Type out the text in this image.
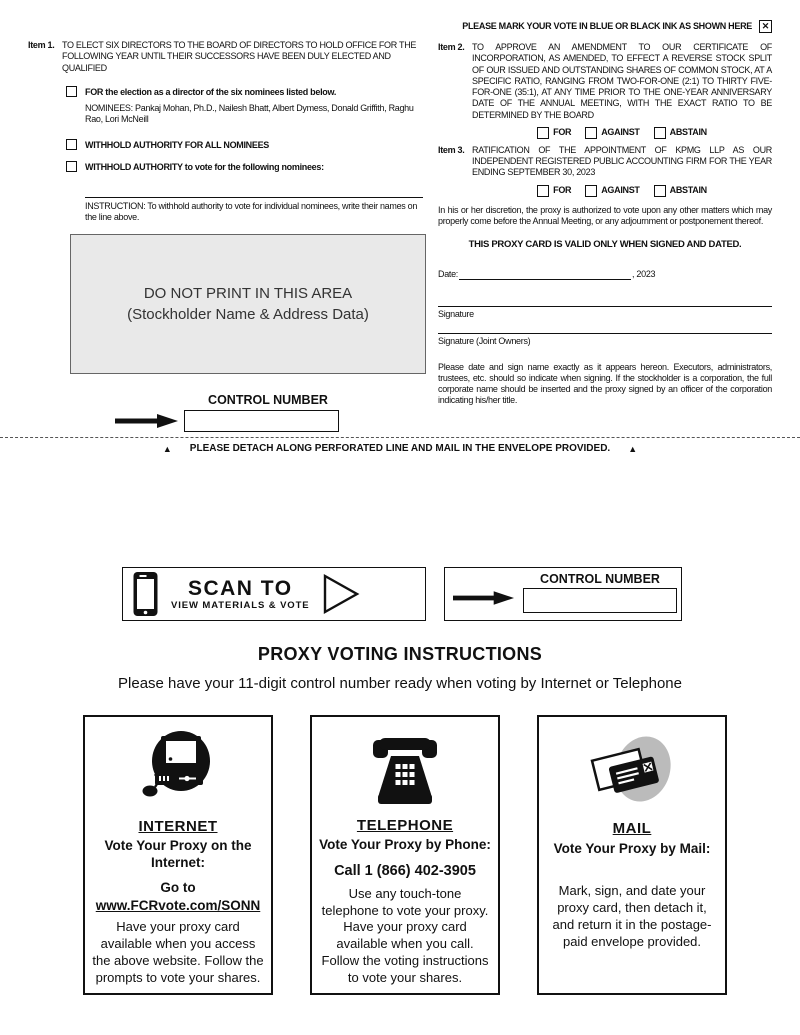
Item 1. TO ELECT SIX DIRECTORS TO THE BOARD OF DIRECTORS TO HOLD OFFICE FOR THE FOLLOWING YEAR UNTIL THEIR SUCCESSORS HAVE BEEN DULY ELECTED AND QUALIFIED
FOR the election as a director of the six nominees listed below.

NOMINEES: Pankaj Mohan, Ph.D., Nailesh Bhatt, Albert Dymess, Donald Griffith, Raghu Rao, Lori McNeill

WITHHOLD AUTHORITY FOR ALL NOMINEES
WITHHOLD AUTHORITY to vote for the following nominees:
INSTRUCTION: To withhold authority to vote for individual nominees, write their names on the line above.
DO NOT PRINT IN THIS AREA
(Stockholder Name & Address Data)
CONTROL NUMBER
PLEASE MARK YOUR VOTE IN BLUE OR BLACK INK AS SHOWN HERE	✕
Item 2. TO APPROVE AN AMENDMENT TO OUR CERTIFICATE OF INCORPORATION, AS AMENDED, TO EFFECT A REVERSE STOCK SPLIT OF OUR ISSUED AND OUTSTANDING SHARES OF COMMON STOCK, AT A SPECIFIC RATIO, RANGING FROM TWO-FOR-ONE (2:1) TO THIRTY FIVE-FOR-ONE (35:1), AT ANY TIME PRIOR TO THE ONE-YEAR ANNIVERSARY DATE OF THE ANNUAL MEETING, WITH THE EXACT RATIO TO BE DETERMINED BY THE BOARD
FOR	AGAINST	ABSTAIN
Item 3. RATIFICATION OF THE APPOINTMENT OF KPMG LLP AS OUR INDEPENDENT REGISTERED PUBLIC ACCOUNTING FIRM FOR THE YEAR ENDING SEPTEMBER 30, 2023
FOR	AGAINST	ABSTAIN

In his or her discretion, the proxy is authorized to vote upon any other matters which may properly come before the Annual Meeting, or any adjournment or postponement thereof.

THIS PROXY CARD IS VALID ONLY WHEN SIGNED AND DATED.

Date:	, 2023
Signature
Signature (Joint Owners)

Please date and sign name exactly as it appears hereon. Executors, administrators, trustees, etc. should so indicate when signing. If the stockholder is a corporation, the full corporate name should be inserted and the proxy signed by an officer of the corporation indicating his/her title.

▲ PLEASE DETACH ALONG PERFORATED LINE AND MAIL IN THE ENVELOPE PROVIDED. ▲
SCAN TO
VIEW MATERIALS & VOTE
CONTROL NUMBER
PROXY VOTING INSTRUCTIONS
Please have your 11-digit control number ready when voting by Internet or Telephone
INTERNET
Vote Your Proxy on the Internet:
Go to www.FCRvote.com/SONN
Have your proxy card available when you access the above website. Follow the prompts to vote your shares.
TELEPHONE
Vote Your Proxy by Phone:
Call 1 (866) 402-3905
Use any touch-tone telephone to vote your proxy. Have your proxy card available when you call. Follow the voting instructions to vote your shares.
MAIL
Vote Your Proxy by Mail:
Mark, sign, and date your proxy card, then detach it, and return it in the postage-paid envelope provided.
